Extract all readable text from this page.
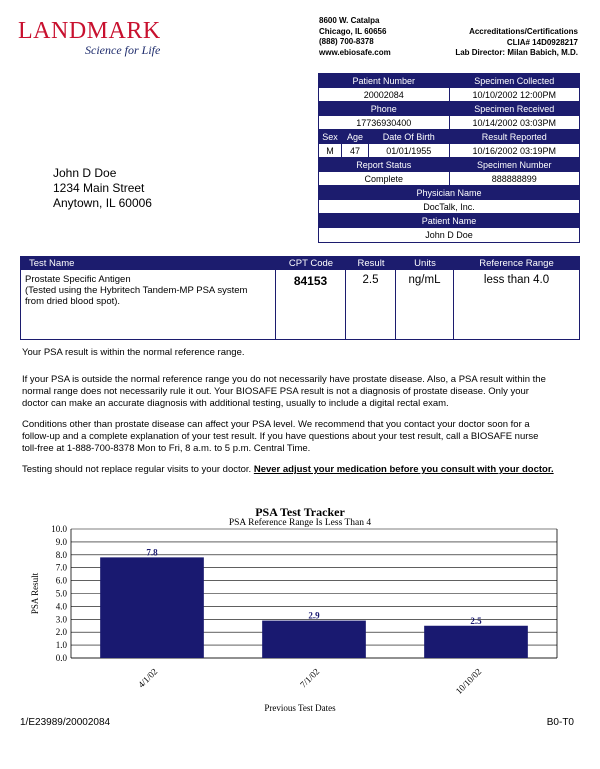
LANDMARK
Science for Life
8600 W. Catalpa
Chicago, IL 60656
(888) 700-8378
www.ebiosafe.com
Accreditations/Certifications
CLIA# 14D0928217
Lab Director: Milan Babich, M.D.
Patient Number	Specimen Collected
20002084	10/10/2002 12:00PM
Phone	Specimen Received
17736930400	10/14/2002 03:03PM
Sex	Age	Date Of Birth	Result Reported
M	47	01/01/1955	10/16/2002 03:19PM
Report Status	Specimen Number
Complete	888888899
Physician Name
DocTalk, Inc.
Patient Name
John D Doe
John D Doe
1234 Main Street
Anytown, IL 60006
Test Name	CPT Code	Result	Units	Reference Range
Prostate Specific Antigen
(Tested using the Hybritech Tandem-MP PSA system
from dried blood spot).
84153	2.5	ng/mL	less than 4.0
Your PSA result is within the normal reference range.
If your PSA is outside the normal reference range you do not necessarily have prostate disease. Also, a PSA result within the
normal range does not necessarily rule it out. Your BIOSAFE PSA result is not a diagnosis of prostate disease. Only your
doctor can make an accurate diagnosis with additional testing, usually to include a digital rectal exam.
Conditions other than prostate disease can affect your PSA level. We recommend that you contact your doctor soon for a
follow-up and a complete explanation of your test result. If you have questions about your test result, call a BIOSAFE nurse
toll-free at 1-888-700-8378 Mon to Fri, 8 a.m. to 5 p.m. Central Time.
Testing should not replace regular visits to your doctor. Never adjust your medication before you consult with your doctor.
PSA Test Tracker
PSA Reference Range Is Less Than 4
0.0
1.0
2.0
3.0
4.0
5.0
6.0
7.0
8.0
9.0
10.0
7.8
4/1/02
2.9
7/1/02
2.5
10/10/02
PSA Result
Previous Test Dates
1/E23989/20002084	B0-T0
